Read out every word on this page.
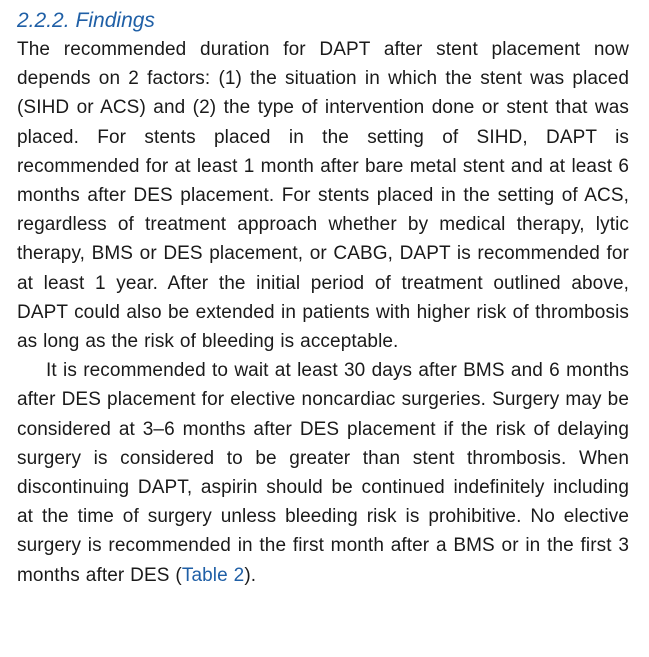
2.2.2. Findings

The recommended duration for DAPT after stent placement now depends on 2 factors: (1) the situation in which the stent was placed (SIHD or ACS) and (2) the type of intervention done or stent that was placed. For stents placed in the setting of SIHD, DAPT is recommended for at least 1 month after bare metal stent and at least 6 months after DES placement. For stents placed in the setting of ACS, regardless of treatment approach whether by medical therapy, lytic therapy, BMS or DES placement, or CABG, DAPT is recommended for at least 1 year. After the initial period of treatment outlined above, DAPT could also be extended in patients with higher risk of thrombosis as long as the risk of bleeding is acceptable.

It is recommended to wait at least 30 days after BMS and 6 months after DES placement for elective noncardiac surgeries. Surgery may be considered at 3–6 months after DES placement if the risk of delaying surgery is considered to be greater than stent thrombosis. When discontinuing DAPT, aspirin should be continued indefinitely including at the time of surgery unless bleeding risk is prohibitive. No elective surgery is recommended in the first month after a BMS or in the first 3 months after DES (Table 2).
